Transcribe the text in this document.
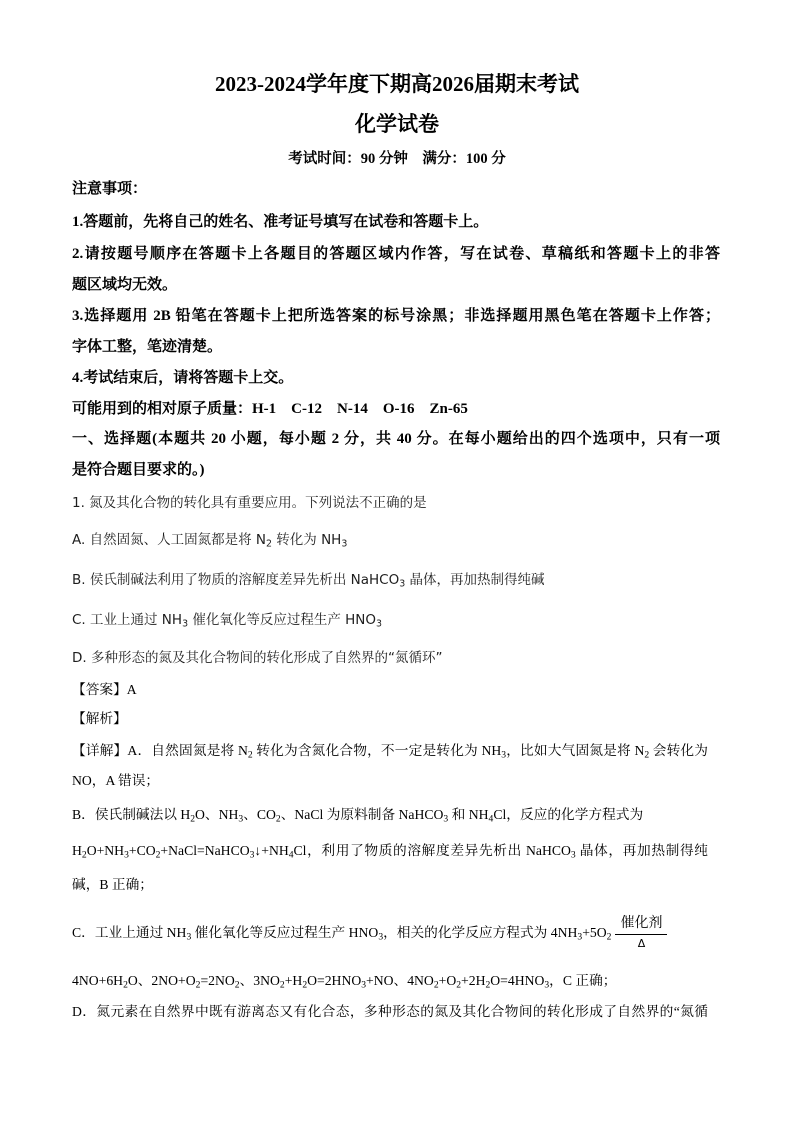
2023-2024学年度下期高2026届期末考试
化学试卷
考试时间：90 分钟　满分：100 分
注意事项：
1.答题前，先将自己的姓名、准考证号填写在试卷和答题卡上。
2.请按题号顺序在答题卡上各题目的答题区域内作答，写在试卷、草稿纸和答题卡上的非答
题区域均无效。
3.选择题用 2B 铅笔在答题卡上把所选答案的标号涂黑；非选择题用黑色笔在答题卡上作答；
字体工整，笔迹清楚。
4.考试结束后，请将答题卡上交。
可能用到的相对原子质量：H-1　C-12　N-14　O-16　Zn-65
一、选择题(本题共 20 小题，每小题 2 分，共 40 分。在每小题给出的四个选项中，只有一项
是符合题目要求的。)
1. 氮及其化合物的转化具有重要应用。下列说法不正确的是
A. 自然固氮、人工固氮都是将 $N_2$ 转化为 $NH_3$
B. 侯氏制碱法利用了物质的溶解度差异先析出 NaHCO$_3$ 晶体，再加热制得纯碱
C. 工业上通过 $NH_3$ 催化氧化等反应过程生产 $HNO_3$
D. 多种形态的氮及其化合物间的转化形成了自然界的“氮循环”
【答案】A
【解析】
【详解】A．自然固氮是将 $N_2$ 转化为含氮化合物，不一定是转化为 $NH_3$，比如大气固氮是将 $N_2$ 会转化为
NO，A 错误；
B．侯氏制碱法以 $H_2O$、$NH_3$、$CO_2$、NaCl 为原料制备 NaHCO$_3$ 和 $NH_4Cl$，反应的化学方程式为
$H_2O+NH_3+CO_2+NaCl=NaHCO_3↓+NH_4Cl$，利用了物质的溶解度差异先析出 NaHCO$_3$ 晶体，再加热制得纯
碱，B 正确；
C．工业上通过 $NH_3$ 催化氧化等反应过程生产 $HNO_3$，相关的化学反应方程式为 $4NH_3+5O_2$
催化剂
Δ
$4NO+6H_2O$、$2NO+O_2=2NO_2$、$3NO_2+H_2O=2HNO_3+NO$、$4NO_2+O_2+2H_2O=4HNO_3$，C 正确；
D．氮元素在自然界中既有游离态又有化合态，多种形态的氮及其化合物间的转化形成了自然界的“氮循
